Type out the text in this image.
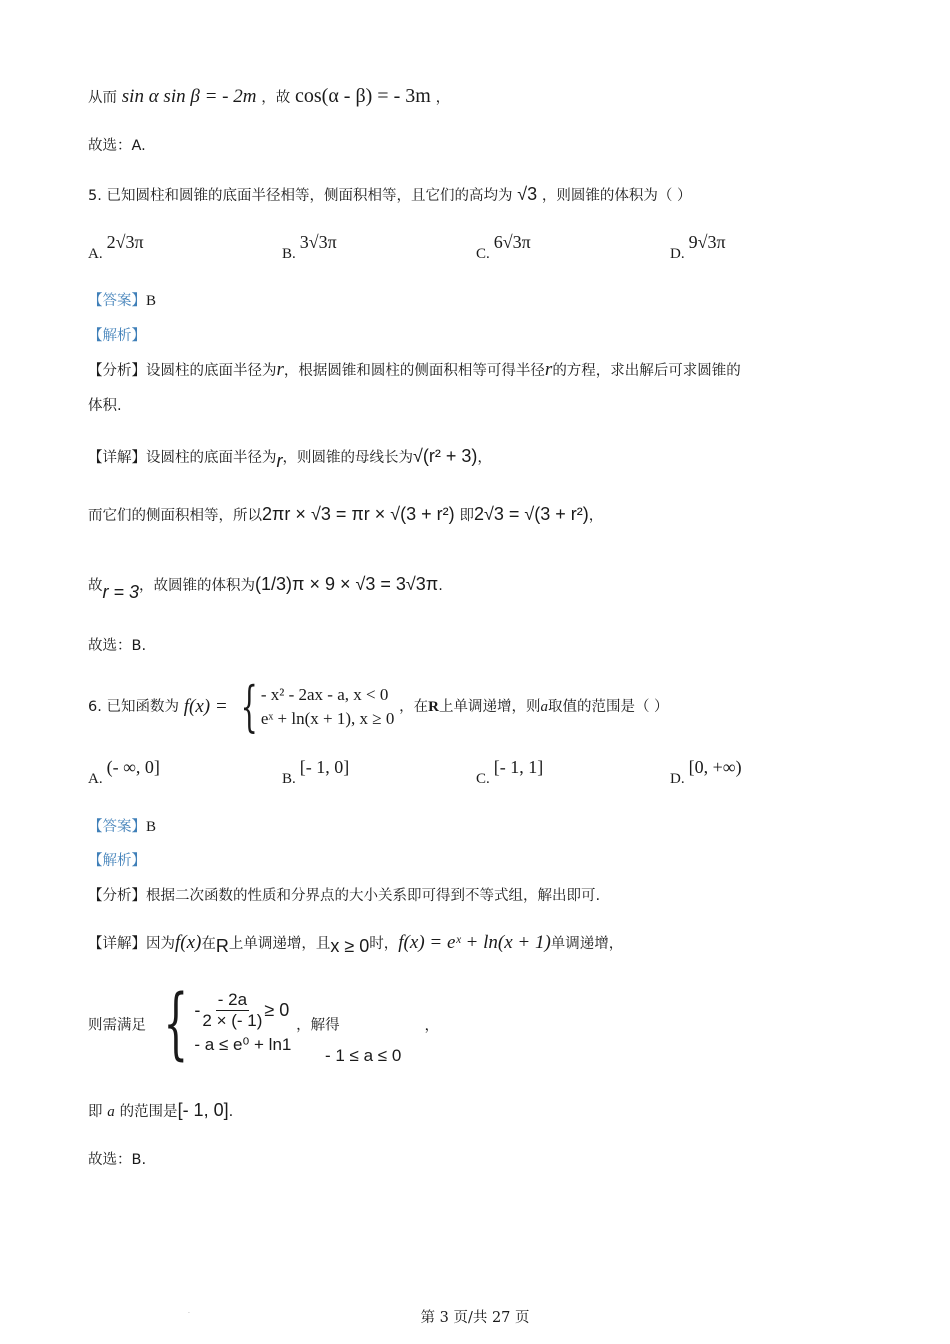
从而 sin α sin β = - 2m ，故 cos(α - β) = - 3m ，
故选：A.
5. 已知圆柱和圆锥的底面半径相等，侧面积相等，且它们的高均为 √3 ，则圆锥的体积为（ ）
A.2√3π
B.3√3π
C.6√3π
D.9√3π
【答案】B
【解析】
【分析】设圆柱的底面半径为r，根据圆锥和圆柱的侧面积相等可得半径r的方程，求出解后可求圆锥的
体积.
【详解】设圆柱的底面半径为r，则圆锥的母线长为√(r² + 3)，
而它们的侧面积相等，所以2πr × √3 = πr × √(3 + r²) 即2√3 = √(3 + r²)，
故r = 3，故圆锥的体积为(1/3)π × 9 × √3 = 3√3π.
故选：B.
6. 已知函数为 f(x) = { - x² - 2ax - a, x < 0
eˣ + ln(x + 1), x ≥ 0
，在R上单调递增，则a取值的范围是（ ）
A.(- ∞, 0]
B.[- 1, 0]
C.[- 1, 1]
D.[0, +∞)
【答案】B
【解析】
【分析】根据二次函数的性质和分界点的大小关系即可得到不等式组，解出即可.
【详解】因为f(x)在R上单调递增，且x ≥ 0时，f(x) = eˣ + ln(x + 1)单调递增，
则需满足 { - $\frac{- 2a}{2 \times (- 1)} \ge 0$
- a ≤ e⁰ + ln1
，解得	，
- 1 ≤ a ≤ 0
即 a 的范围是[- 1, 0].
故选：B.
.	第 3 页/共 27 页
